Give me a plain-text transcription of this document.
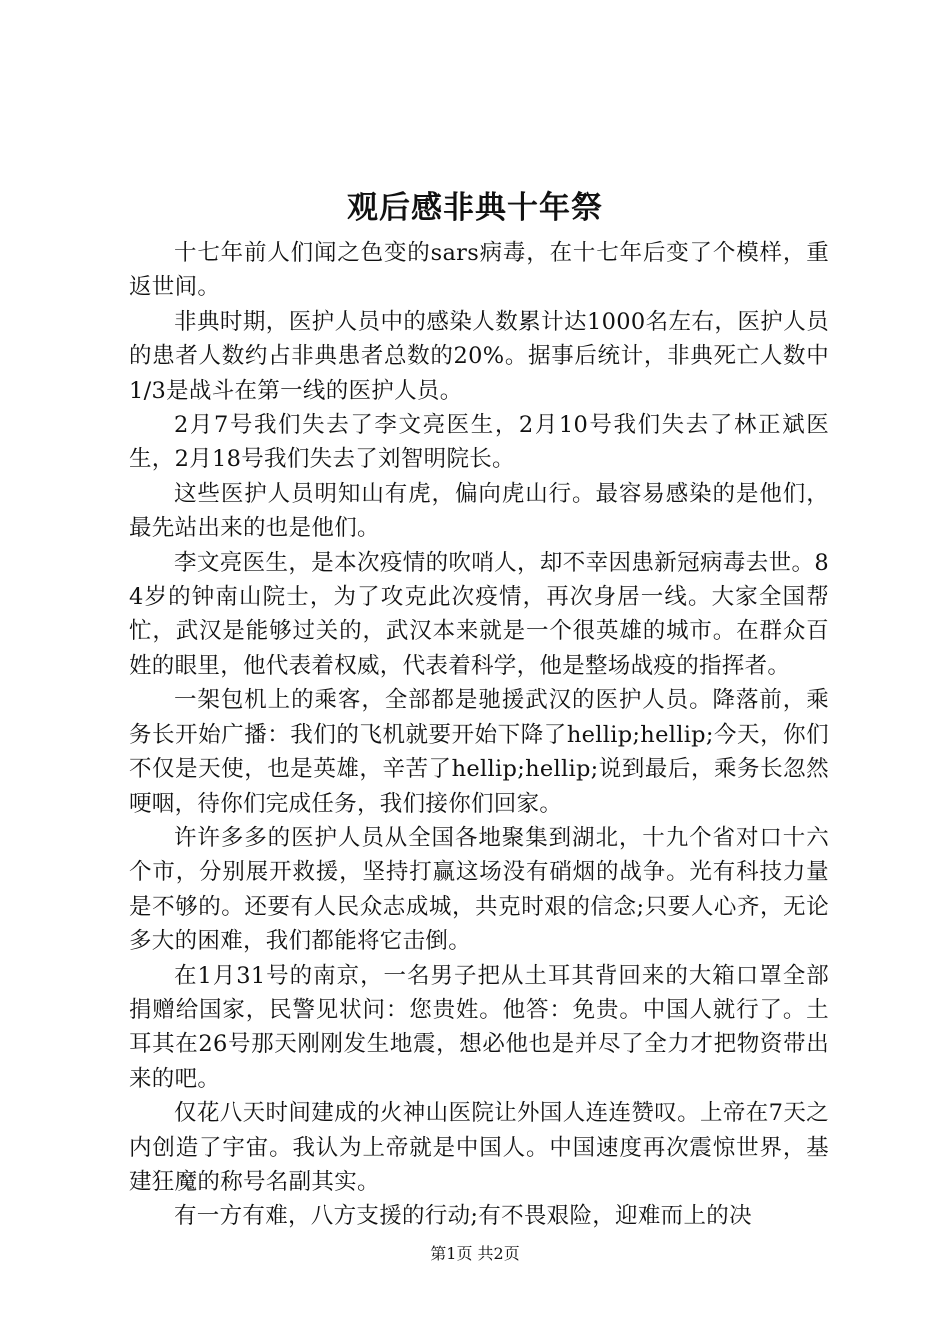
观后感非典十年祭

十七年前人们闻之色变的sars病毒，在十七年后变了个模样，重返世间。

非典时期，医护人员中的感染人数累计达1000名左右，医护人员的患者人数约占非典患者总数的20%。据事后统计，非典死亡人数中1/3是战斗在第一线的医护人员。

2月7号我们失去了李文亮医生，2月10号我们失去了林正斌医生，2月18号我们失去了刘智明院长。

这些医护人员明知山有虎，偏向虎山行。最容易感染的是他们，最先站出来的也是他们。

李文亮医生，是本次疫情的吹哨人，却不幸因患新冠病毒去世。84岁的钟南山院士，为了攻克此次疫情，再次身居一线。大家全国帮忙，武汉是能够过关的，武汉本来就是一个很英雄的城市。在群众百姓的眼里，他代表着权威，代表着科学，他是整场战疫的指挥者。

一架包机上的乘客，全部都是驰援武汉的医护人员。降落前，乘务长开始广播：我们的飞机就要开始下降了hellip;hellip;今天，你们不仅是天使，也是英雄，辛苦了hellip;hellip;说到最后，乘务长忽然哽咽，待你们完成任务，我们接你们回家。

许许多多的医护人员从全国各地聚集到湖北，十九个省对口十六个市，分别展开救援，坚持打赢这场没有硝烟的战争。光有科技力量是不够的。还要有人民众志成城，共克时艰的信念;只要人心齐，无论多大的困难，我们都能将它击倒。

在1月31号的南京，一名男子把从土耳其背回来的大箱口罩全部捐赠给国家，民警见状问：您贵姓。他答：免贵。中国人就行了。土耳其在26号那天刚刚发生地震，想必他也是并尽了全力才把物资带出来的吧。

仅花八天时间建成的火神山医院让外国人连连赞叹。上帝在7天之内创造了宇宙。我认为上帝就是中国人。中国速度再次震惊世界，基建狂魔的称号名副其实。

有一方有难，八方支援的行动;有不畏艰险，迎难而上的决

第1页 共2页
